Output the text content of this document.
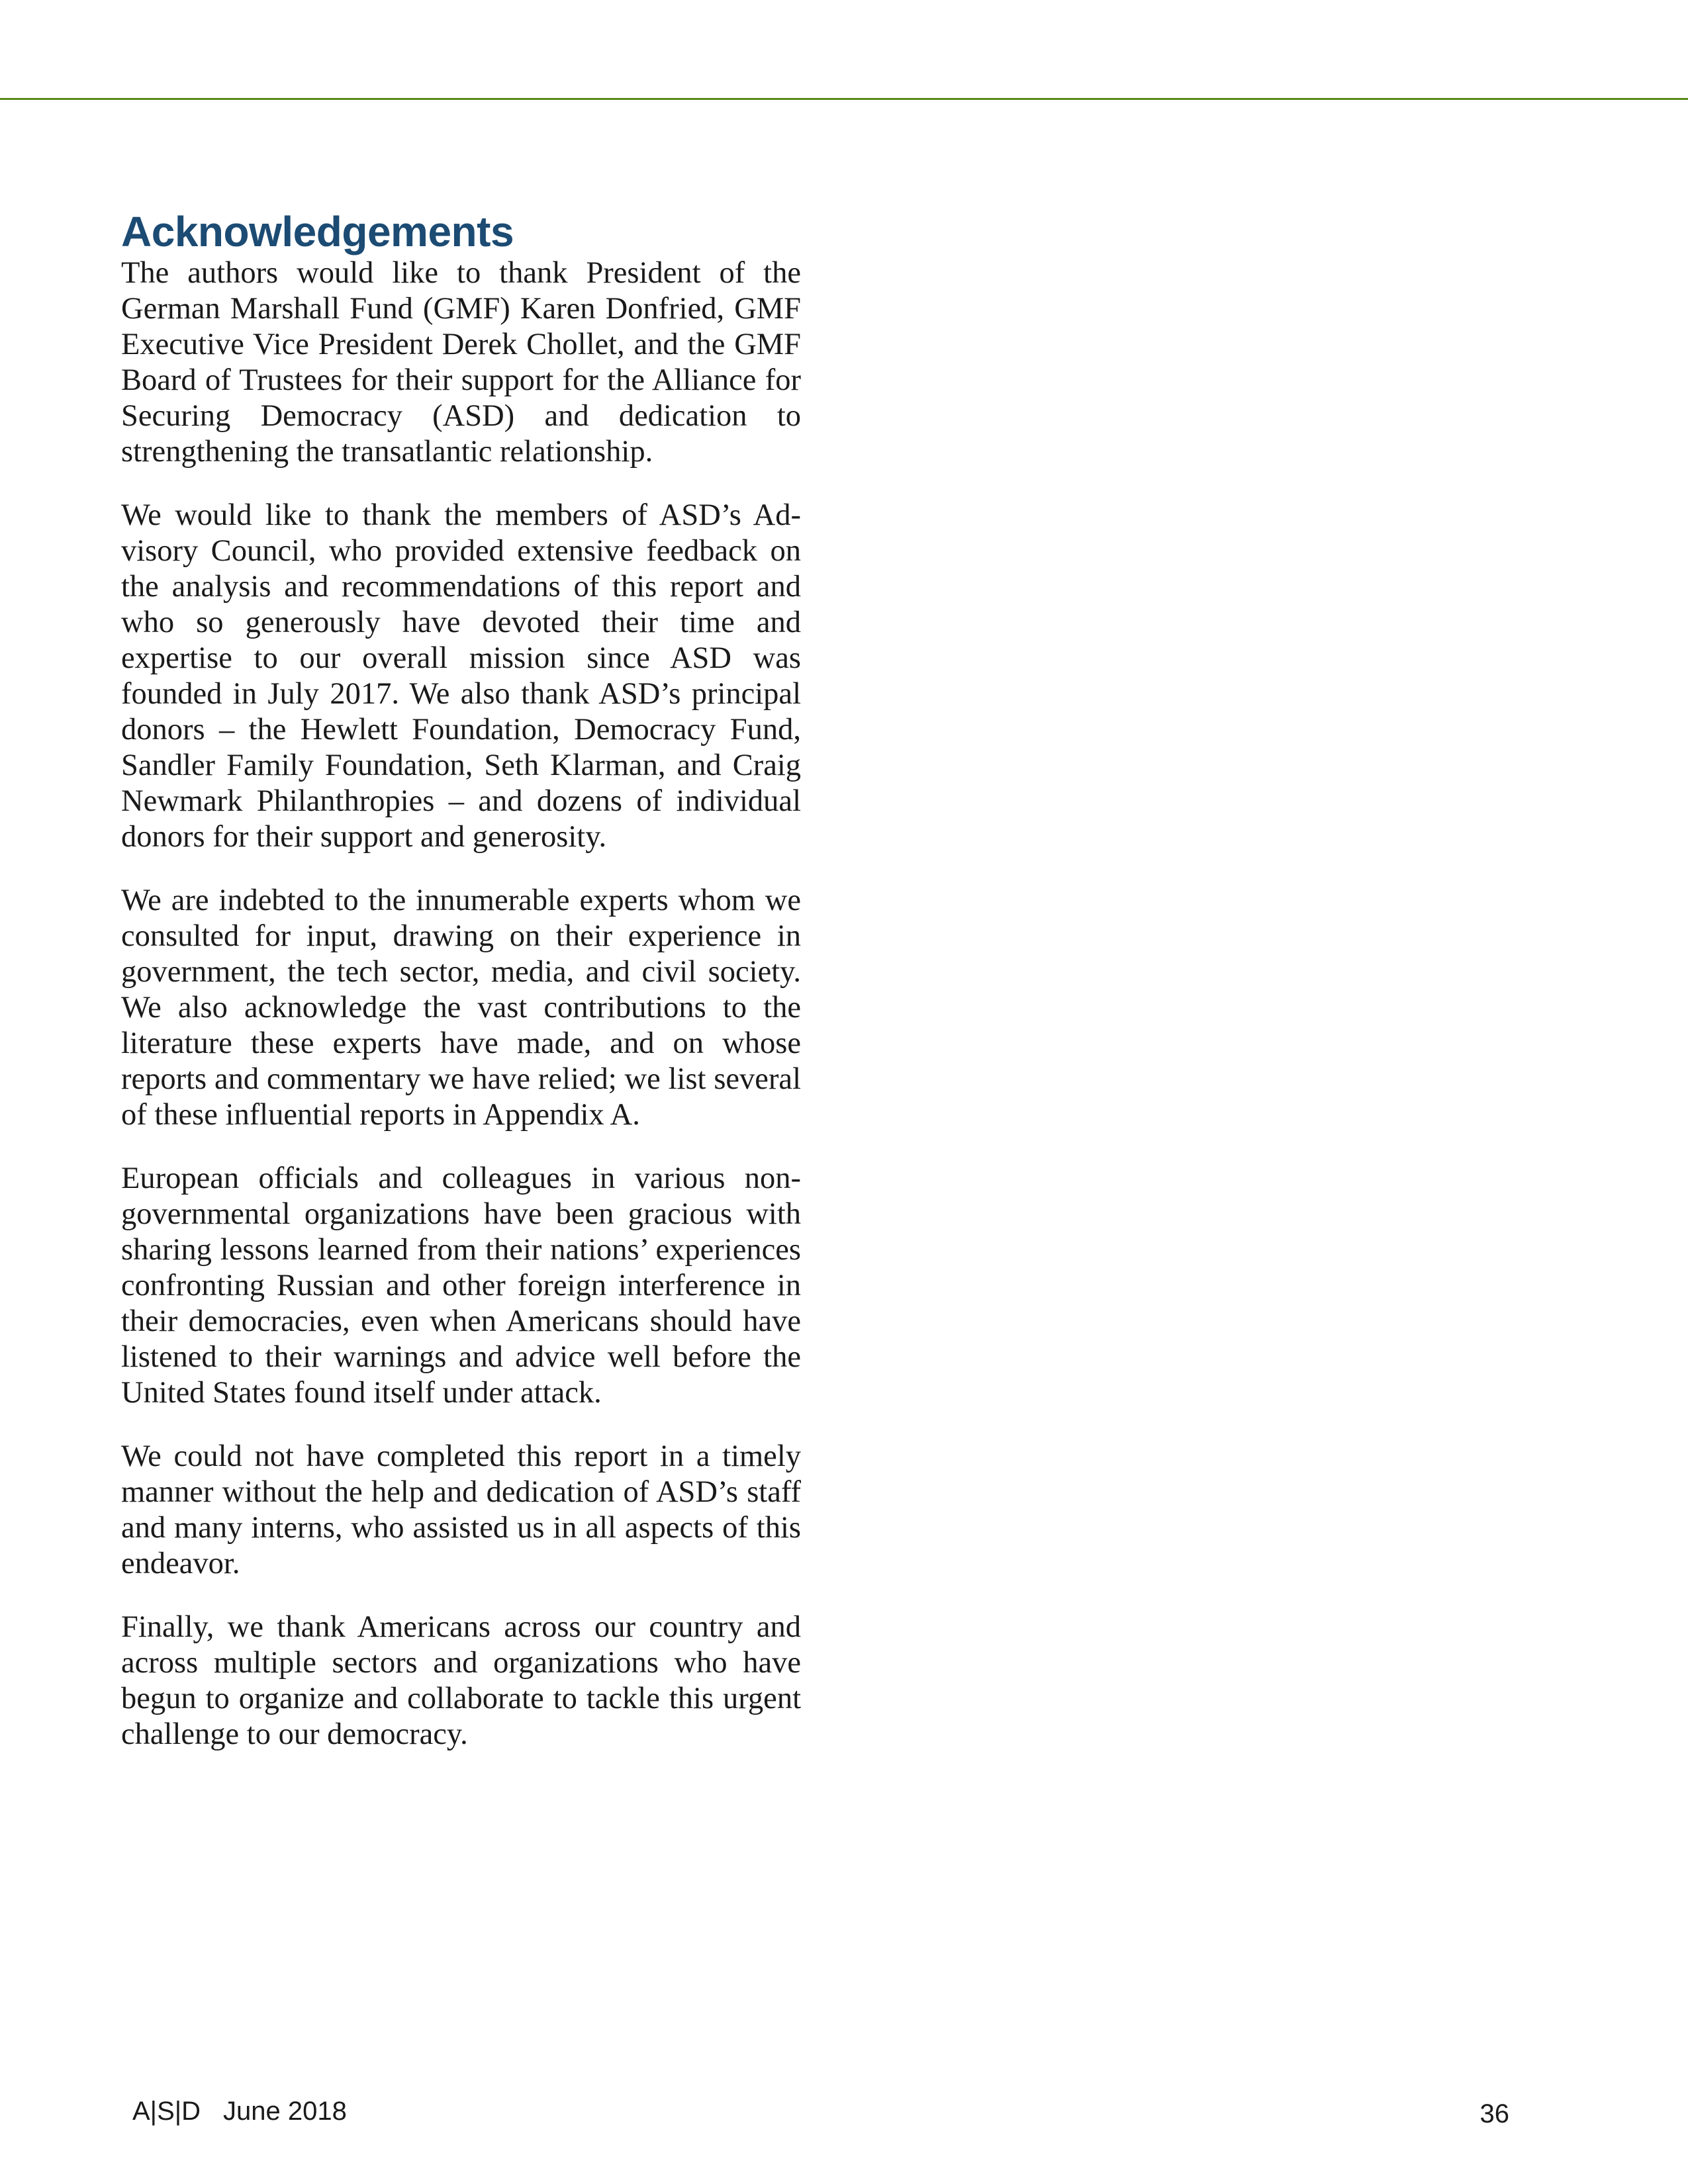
Acknowledgements

The authors would like to thank President of the German Marshall Fund (GMF) Karen Donfried, GMF Executive Vice President Derek Chollet, and the GMF Board of Trustees for their support for the Alliance for Securing Democracy (ASD) and dedication to strengthening the transatlantic relationship.

We would like to thank the members of ASD’s Advisory Council, who provided extensive feedback on the analysis and recommendations of this report and who so generously have devoted their time and expertise to our overall mission since ASD was founded in July 2017. We also thank ASD’s principal donors – the Hewlett Foundation, Democracy Fund, Sandler Family Foundation, Seth Klarman, and Craig Newmark Philanthropies – and dozens of individual donors for their support and generosity.

We are indebted to the innumerable experts whom we consulted for input, drawing on their experience in government, the tech sector, media, and civil society. We also acknowledge the vast contributions to the literature these experts have made, and on whose reports and commentary we have relied; we list several of these influential reports in Appendix A.

European officials and colleagues in various nongovernmental organizations have been gracious with sharing lessons learned from their nations’ experiences confronting Russian and other foreign interference in their democracies, even when Americans should have listened to their warnings and advice well before the United States found itself under attack.

We could not have completed this report in a timely manner without the help and dedication of ASD’s staff and many interns, who assisted us in all aspects of this endeavor.

Finally, we thank Americans across our country and across multiple sectors and organizations who have begun to organize and collaborate to tackle this urgent challenge to our democracy.

A|S|D June 2018	36
